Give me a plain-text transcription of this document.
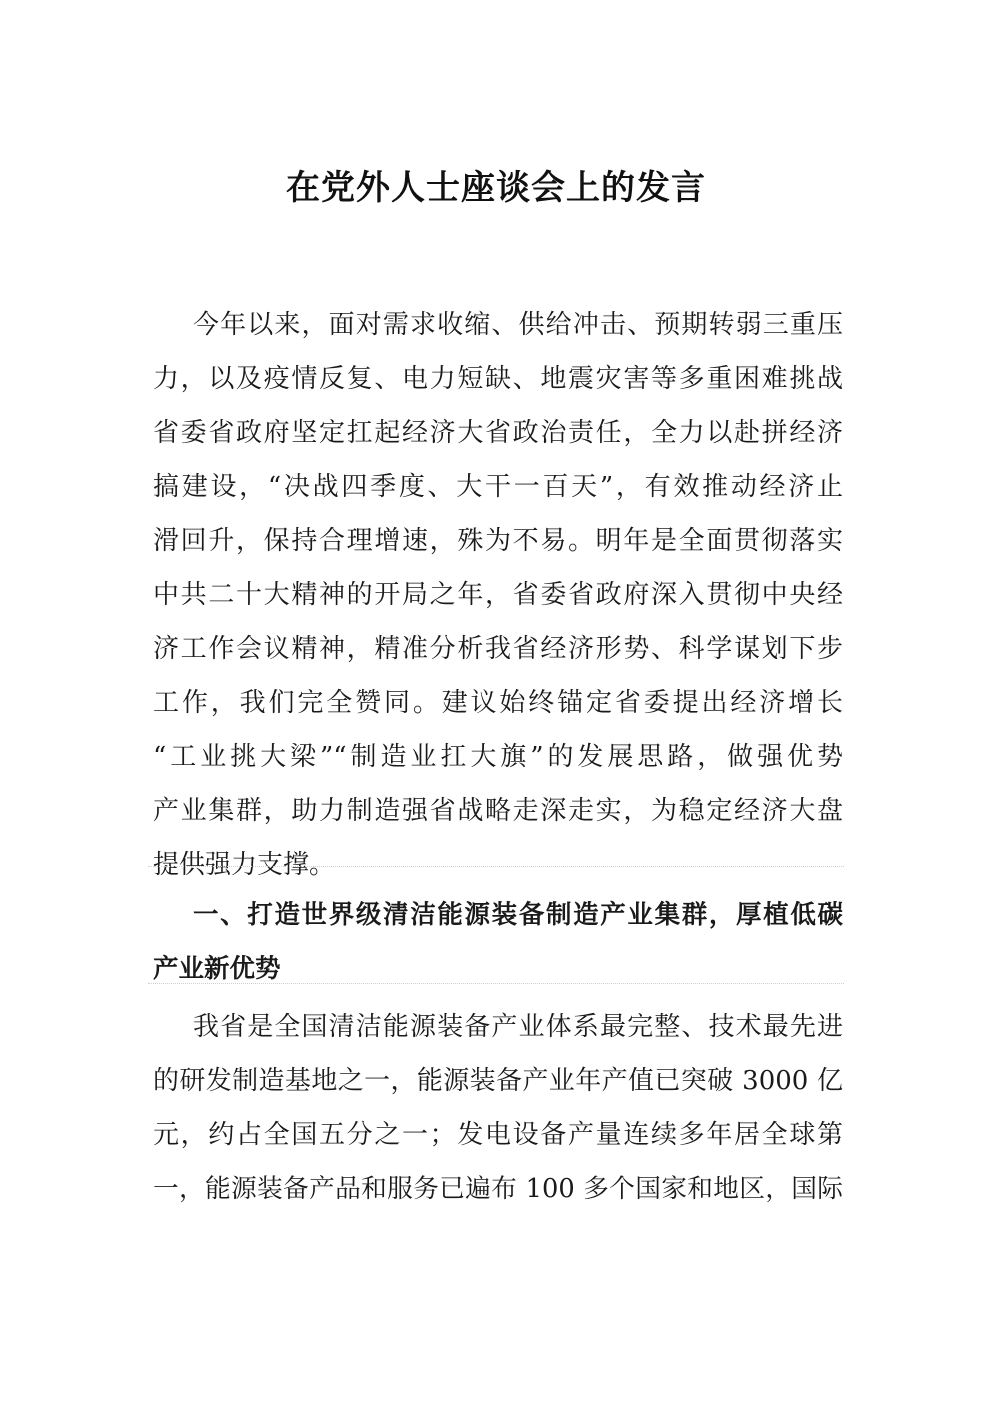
在党外人士座谈会上的发言
今年以来，面对需求收缩、供给冲击、预期转弱三重压
力，以及疫情反复、电力短缺、地震灾害等多重困难挑战
省委省政府坚定扛起经济大省政治责任，全力以赴拼经济
搞建设，“决战四季度、大干一百天”，有效推动经济止
滑回升，保持合理增速，殊为不易。明年是全面贯彻落实
中共二十大精神的开局之年，省委省政府深入贯彻中央经
济工作会议精神，精准分析我省经济形势、科学谋划下步
工作，我们完全赞同。建议始终锚定省委提出经济增长
“工业挑大梁”“制造业扛大旗”的发展思路，做强优势
产业集群，助力制造强省战略走深走实，为稳定经济大盘
提供强力支撑。
一、打造世界级清洁能源装备制造产业集群，厚植低碳
产业新优势
我省是全国清洁能源装备产业体系最完整、技术最先进
的研发制造基地之一，能源装备产业年产值已突破 3000 亿
元，约占全国五分之一；发电设备产量连续多年居全球第
一，能源装备产品和服务已遍布 100 多个国家和地区，国际
